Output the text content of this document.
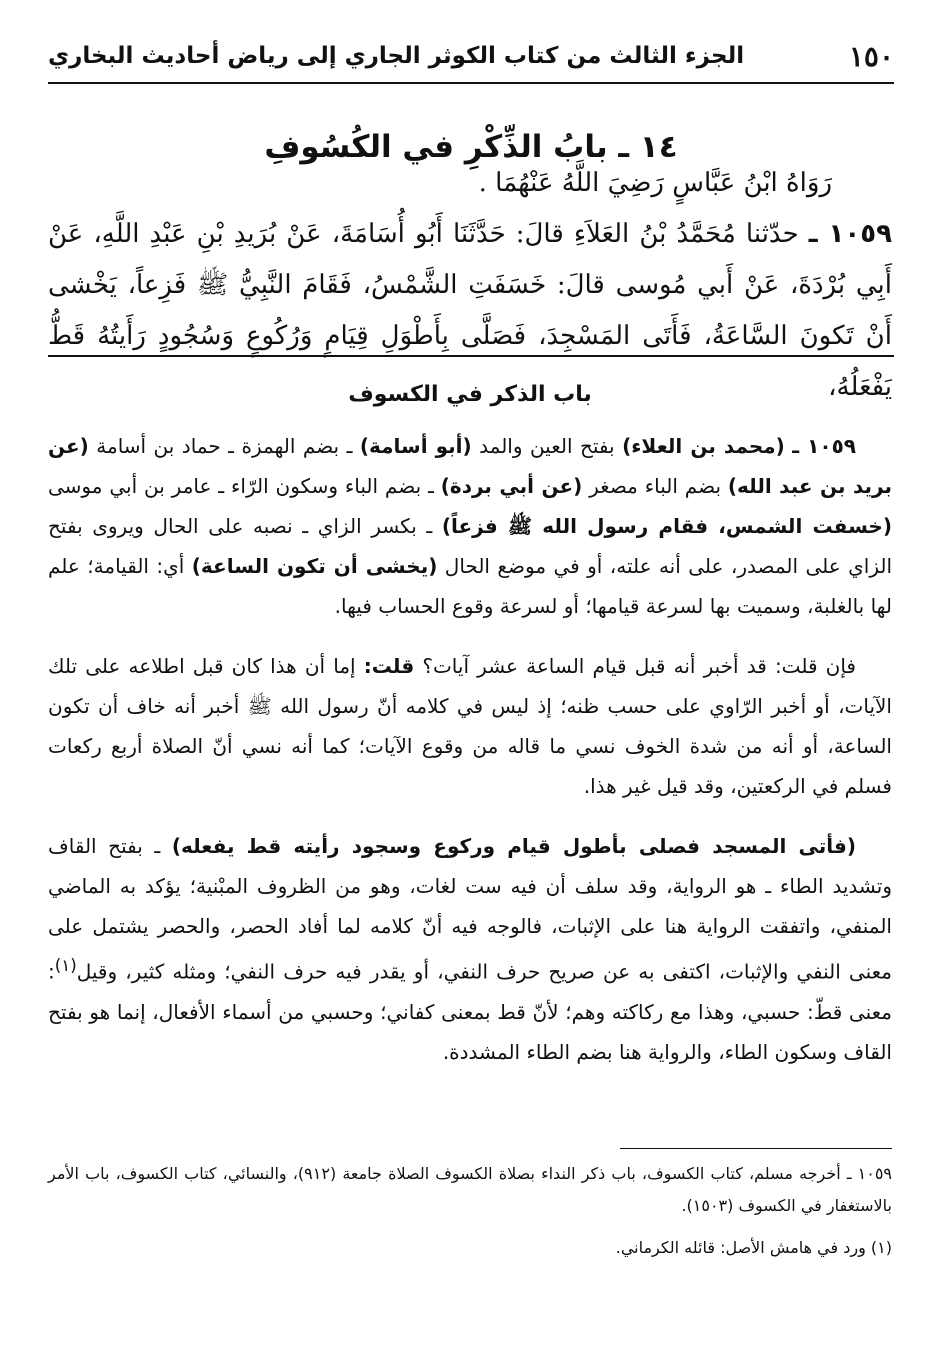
١٥٠
الجزء الثالث من كتاب الكوثر الجاري إلى رياض أحاديث البخاري
١٤ ـ بابُ الذِّكْرِ في الكُسُوفِ

رَوَاهُ ابْنُ عَبَّاسٍ رَضِيَ اللَّهُ عَنْهُمَا .

١٠٥٩ ـ حدّثنا مُحَمَّدُ بْنُ العَلاَءِ قالَ: حَدَّثَنَا أَبُو أُسَامَةَ، عَنْ بُرَيدِ بْنِ عَبْدِ اللَّهِ، عَنْ أَبِي بُرْدَةَ، عَنْ أَبي مُوسى قالَ: خَسَفَتِ الشَّمْسُ، فَقَامَ النَّبِيُّ ﷺ فَزِعاً، يَخْشى أَنْ تَكونَ السَّاعَةُ، فَأَتَى المَسْجِدَ، فَصَلَّى بِأَطْوَلِ قِيَامٍ وَرُكُوعٍ وَسُجُودٍ رَأَيتُهُ قَطُّ يَفْعَلُهُ،

باب الذكر في الكسوف

١٠٥٩ ـ (محمد بن العلاء) بفتح العين والمد (أبو أسامة) ـ بضم الهمزة ـ حماد بن أسامة (عن بريد بن عبد الله) بضم الباء مصغر (عن أبي بردة) ـ بضم الباء وسكون الرّاء ـ عامر بن أبي موسى (خسفت الشمس، فقام رسول الله ﷺ فزعاً) ـ بكسر الزاي ـ نصبه على الحال ويروى بفتح الزاي على المصدر، على أنه علته، أو في موضع الحال (يخشى أن تكون الساعة) أي: القيامة؛ علم لها بالغلبة، وسميت بها لسرعة قيامها؛ أو لسرعة وقوع الحساب فيها.

فإن قلت: قد أخبر أنه قبل قيام الساعة عشر آيات؟ قلت: إما أن هذا كان قبل اطلاعه على تلك الآيات، أو أخبر الرّاوي على حسب ظنه؛ إذ ليس في كلامه أنّ رسول الله ﷺ أخبر أنه خاف أن تكون الساعة، أو أنه من شدة الخوف نسي ما قاله من وقوع الآيات؛ كما أنه نسي أنّ الصلاة أربع ركعات فسلم في الركعتين، وقد قيل غير هذا.

(فأتى المسجد فصلى بأطول قيام وركوع وسجود رأيته قط يفعله) ـ بفتح القاف وتشديد الطاء ـ هو الرواية، وقد سلف أن فيه ست لغات، وهو من الظروف المبْنية؛ يؤكد به الماضي المنفي، واتفقت الرواية هنا على الإثبات، فالوجه فيه أنّ كلامه لما أفاد الحصر، والحصر يشتمل على معنى النفي والإثبات، اكتفى به عن صريح حرف النفي، أو يقدر فيه حرف النفي؛ ومثله كثير، وقيل$^{(١)}$: معنى قطّ: حسبي، وهذا مع ركاكته وهم؛ لأنّ قط بمعنى كفاني؛ وحسبي من أسماء الأفعال، إنما هو بفتح القاف وسكون الطاء، والرواية هنا بضم الطاء المشددة.

١٠٥٩ ـ أخرجه مسلم، كتاب الكسوف، باب ذكر النداء بصلاة الكسوف الصلاة جامعة (٩١٢)، والنسائي، كتاب الكسوف، باب الأمر بالاستغفار في الكسوف (١٥٠٣).

(١) ورد في هامش الأصل: قائله الكرماني.
